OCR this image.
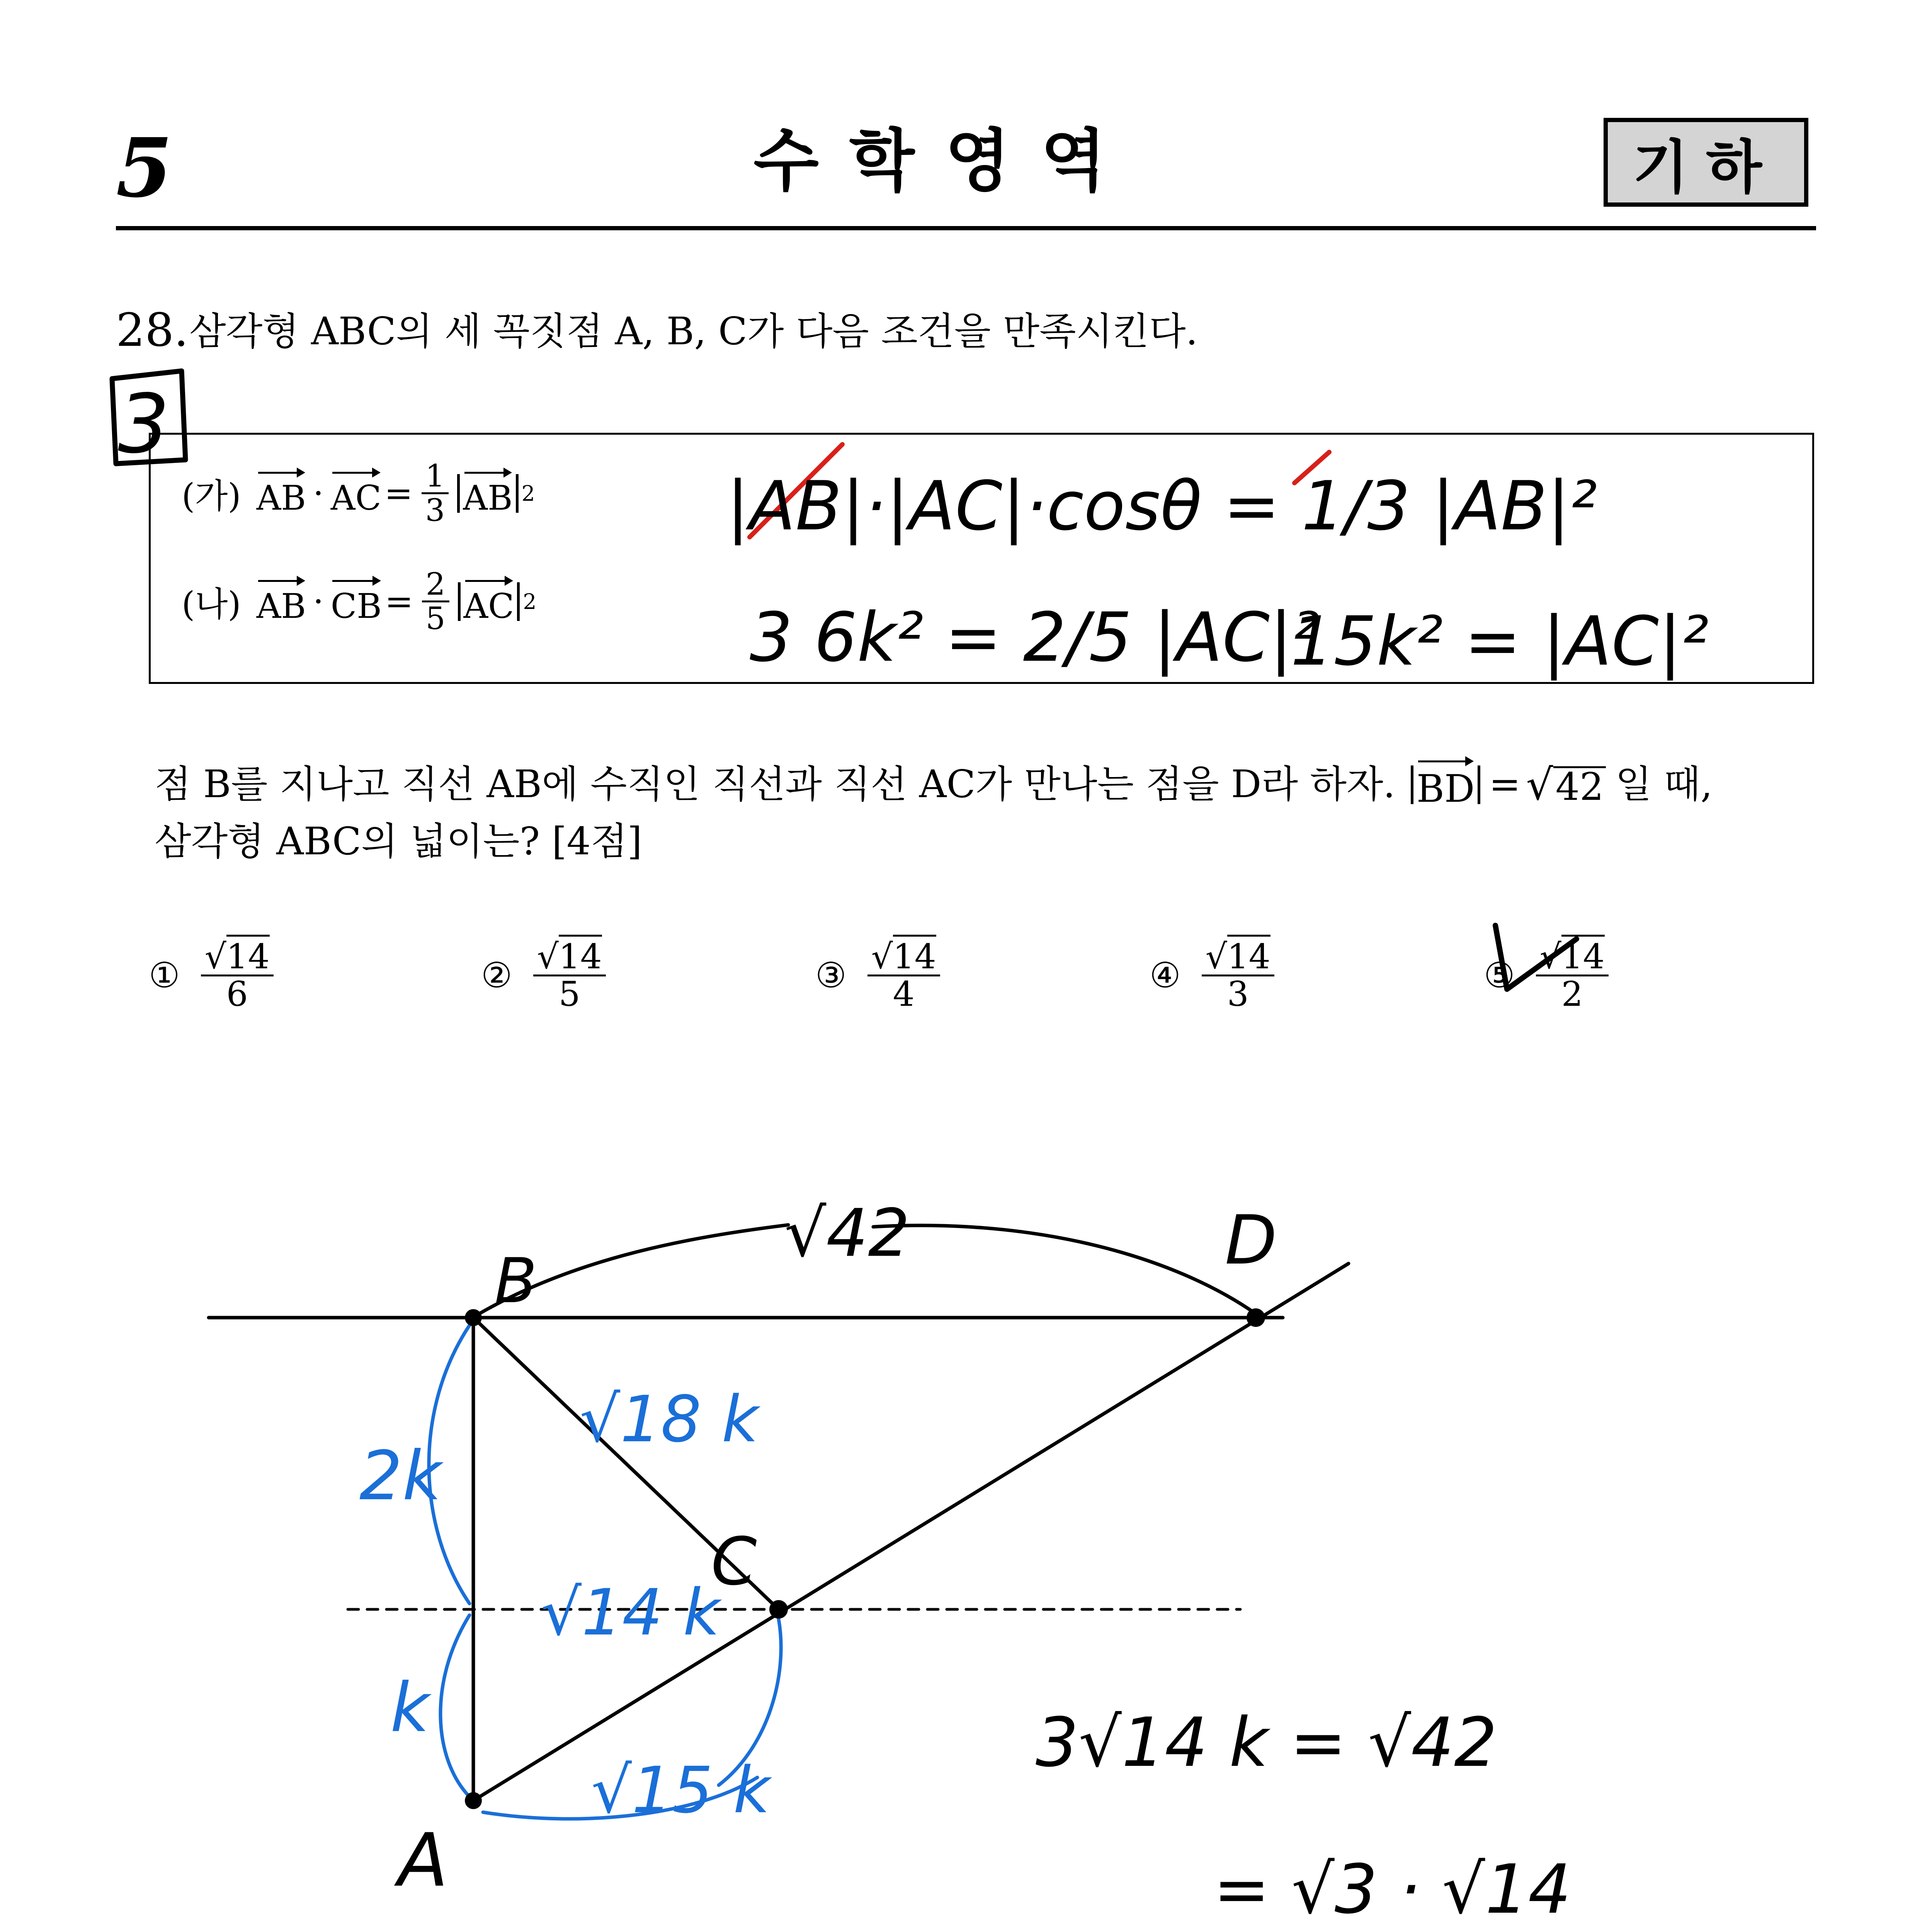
5	수학영역	기하
28. 삼각형 ABC의 세 꼭짓점 A, B, C가 다음 조건을 만족시킨다.
(가) AB · AC = $\frac{1}{3}$ AB 2
(나) AB · CB = $\frac{2}{5}$ AC 2
점 B를 지나고 직선 AB에 수직인 직선과 직선 AC가 만나는 점을 D라 하자. BD = √ 42 일 때,
삼각형 ABC의 넓이는? [4점]
① $\frac{√14}{6}$	② $\frac{√14}{5}$	③ $\frac{√14}{4}$	④ $\frac{√14}{3}$	⑤ $\frac{√14}{2}$
3
|AB|·|AC|·cosθ = 1/3 |AB|²
3 6k² = 2/5 |AC|²
15k² = |AC|²
B
D
C
A
√42
3√14 k = √42
= √3 · √14
√18 k
2k
k
√14 k
√15 k
